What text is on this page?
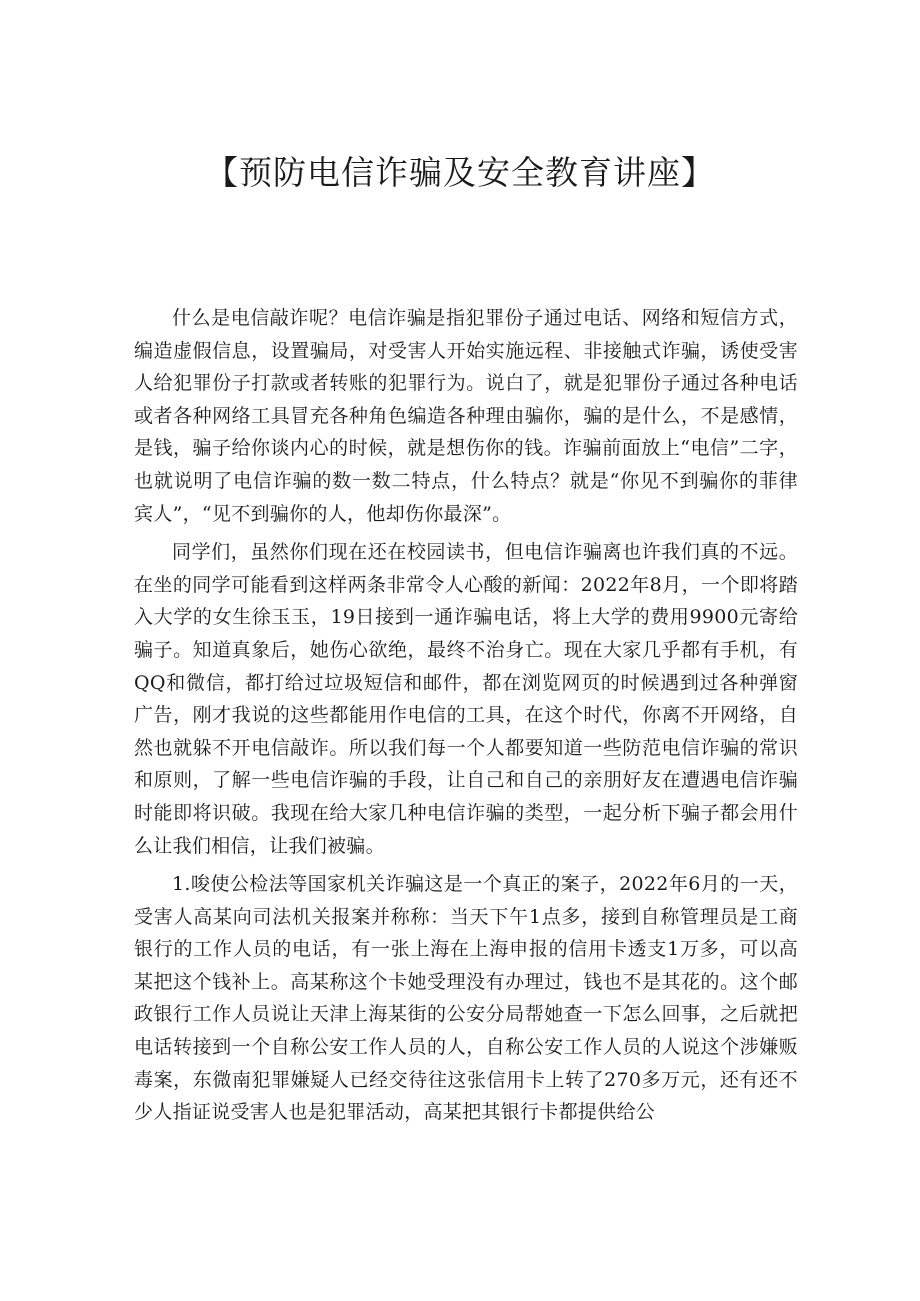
【预防电信诈骗及安全教育讲座】

什么是电信敲诈呢？电信诈骗是指犯罪份子通过电话、网络和短信方式，编造虚假信息，设置骗局，对受害人开始实施远程、非接触式诈骗，诱使受害人给犯罪份子打款或者转账的犯罪行为。说白了，就是犯罪份子通过各种电话或者各种网络工具冒充各种角色编造各种理由骗你，骗的是什么，不是感情，是钱，骗子给你谈内心的时候，就是想伤你的钱。诈骗前面放上“电信”二字，也就说明了电信诈骗的数一数二特点，什么特点？就是“你见不到骗你的菲律宾人”，“见不到骗你的人，他却伤你最深”。

同学们，虽然你们现在还在校园读书，但电信诈骗离也许我们真的不远。在坐的同学可能看到这样两条非常令人心酸的新闻：2022年8月，一个即将踏入大学的女生徐玉玉，19日接到一通诈骗电话，将上大学的费用9900元寄给骗子。知道真象后，她伤心欲绝，最终不治身亡。现在大家几乎都有手机，有QQ和微信，都打给过垃圾短信和邮件，都在浏览网页的时候遇到过各种弹窗广告，刚才我说的这些都能用作电信的工具，在这个时代，你离不开网络，自然也就躲不开电信敲诈。所以我们每一个人都要知道一些防范电信诈骗的常识和原则，了解一些电信诈骗的手段，让自己和自己的亲朋好友在遭遇电信诈骗时能即将识破。我现在给大家几种电信诈骗的类型，一起分析下骗子都会用什么让我们相信，让我们被骗。

1.唆使公检法等国家机关诈骗这是一个真正的案子，2022年6月的一天，受害人高某向司法机关报案并称称：当天下午1点多，接到自称管理员是工商银行的工作人员的电话，有一张上海在上海申报的信用卡透支1万多，可以高某把这个钱补上。高某称这个卡她受理没有办理过，钱也不是其花的。这个邮政银行工作人员说让天津上海某街的公安分局帮她查一下怎么回事，之后就把电话转接到一个自称公安工作人员的人，自称公安工作人员的人说这个涉嫌贩毒案，东微南犯罪嫌疑人已经交待往这张信用卡上转了270多万元，还有还不少人指证说受害人也是犯罪活动，高某把其银行卡都提供给公
